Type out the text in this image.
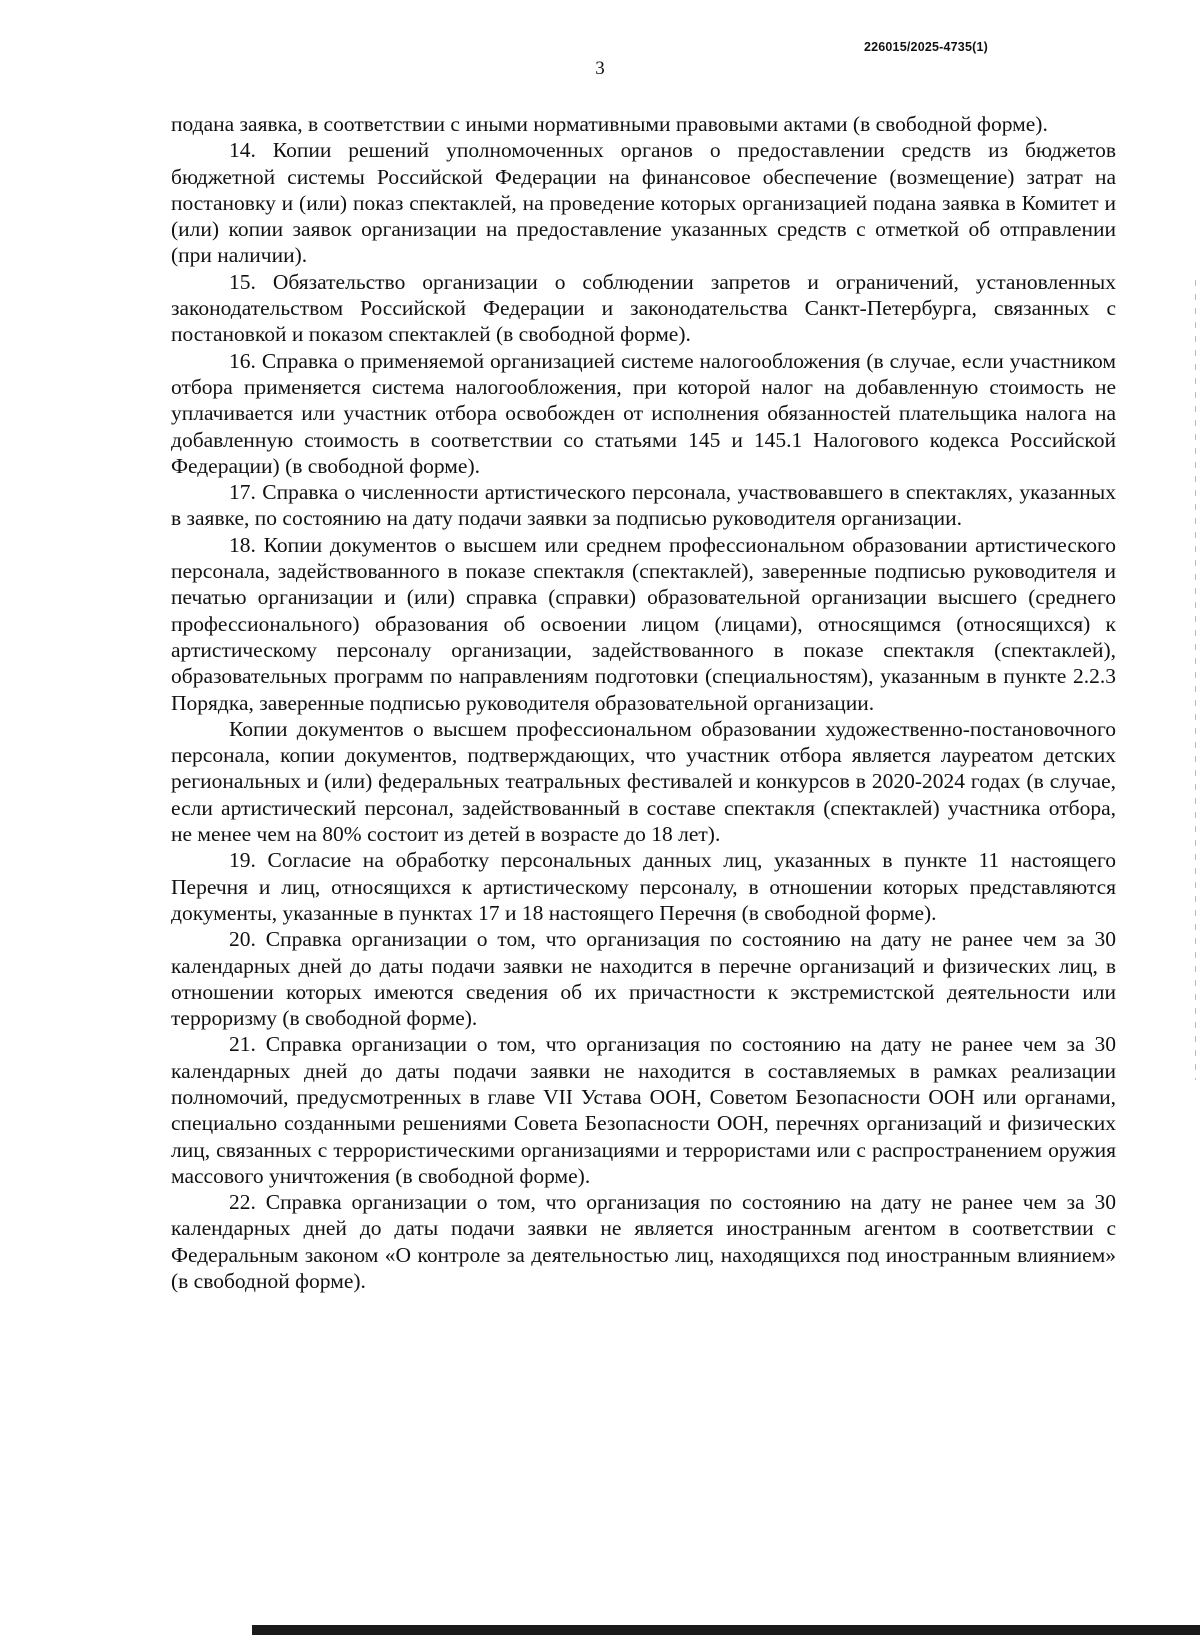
226015/2025-4735(1)
3

подана заявка, в соответствии с иными нормативными правовыми актами (в свободной форме).

14. Копии решений уполномоченных органов о предоставлении средств из бюджетов бюджетной системы Российской Федерации на финансовое обеспечение (возмещение) затрат на постановку и (или) показ спектаклей, на проведение которых организацией подана заявка в Комитет и (или) копии заявок организации на предоставление указанных средств с отметкой об отправлении (при наличии).

15. Обязательство организации о соблюдении запретов и ограничений, установленных законодательством Российской Федерации и законодательства Санкт-Петербурга, связанных с постановкой и показом спектаклей (в свободной форме).

16. Справка о применяемой организацией системе налогообложения (в случае, если участником отбора применяется система налогообложения, при которой налог на добавленную стоимость не уплачивается или участник отбора освобожден от исполнения обязанностей плательщика налога на добавленную стоимость в соответствии со статьями 145 и 145.1 Налогового кодекса Российской Федерации) (в свободной форме).

17. Справка о численности артистического персонала, участвовавшего в спектаклях, указанных в заявке, по состоянию на дату подачи заявки за подписью руководителя организации.

18. Копии документов о высшем или среднем профессиональном образовании артистического персонала, задействованного в показе спектакля (спектаклей), заверенные подписью руководителя и печатью организации и (или) справка (справки) образовательной организации высшего (среднего профессионального) образования об освоении лицом (лицами), относящимся (относящихся) к артистическому персоналу организации, задействованного в показе спектакля (спектаклей), образовательных программ по направлениям подготовки (специальностям), указанным в пункте 2.2.3 Порядка, заверенные подписью руководителя образовательной организации.

Копии документов о высшем профессиональном образовании художественно-постановочного персонала, копии документов, подтверждающих, что участник отбора является лауреатом детских региональных и (или) федеральных театральных фестивалей и конкурсов в 2020-2024 годах (в случае, если артистический персонал, задействованный в составе спектакля (спектаклей) участника отбора, не менее чем на 80% состоит из детей в возрасте до 18 лет).

19. Согласие на обработку персональных данных лиц, указанных в пункте 11 настоящего Перечня и лиц, относящихся к артистическому персоналу, в отношении которых представляются документы, указанные в пунктах 17 и 18 настоящего Перечня (в свободной форме).

20. Справка организации о том, что организация по состоянию на дату не ранее чем за 30 календарных дней до даты подачи заявки не находится в перечне организаций и физических лиц, в отношении которых имеются сведения об их причастности к экстремистской деятельности или терроризму (в свободной форме).

21. Справка организации о том, что организация по состоянию на дату не ранее чем за 30 календарных дней до даты подачи заявки не находится в составляемых в рамках реализации полномочий, предусмотренных в главе VII Устава ООН, Советом Безопасности ООН или органами, специально созданными решениями Совета Безопасности ООН, перечнях организаций и физических лиц, связанных с террористическими организациями и террористами или с распространением оружия массового уничтожения (в свободной форме).

22. Справка организации о том, что организация по состоянию на дату не ранее чем за 30 календарных дней до даты подачи заявки не является иностранным агентом в соответствии с Федеральным законом «О контроле за деятельностью лиц, находящихся под иностранным влиянием» (в свободной форме).
